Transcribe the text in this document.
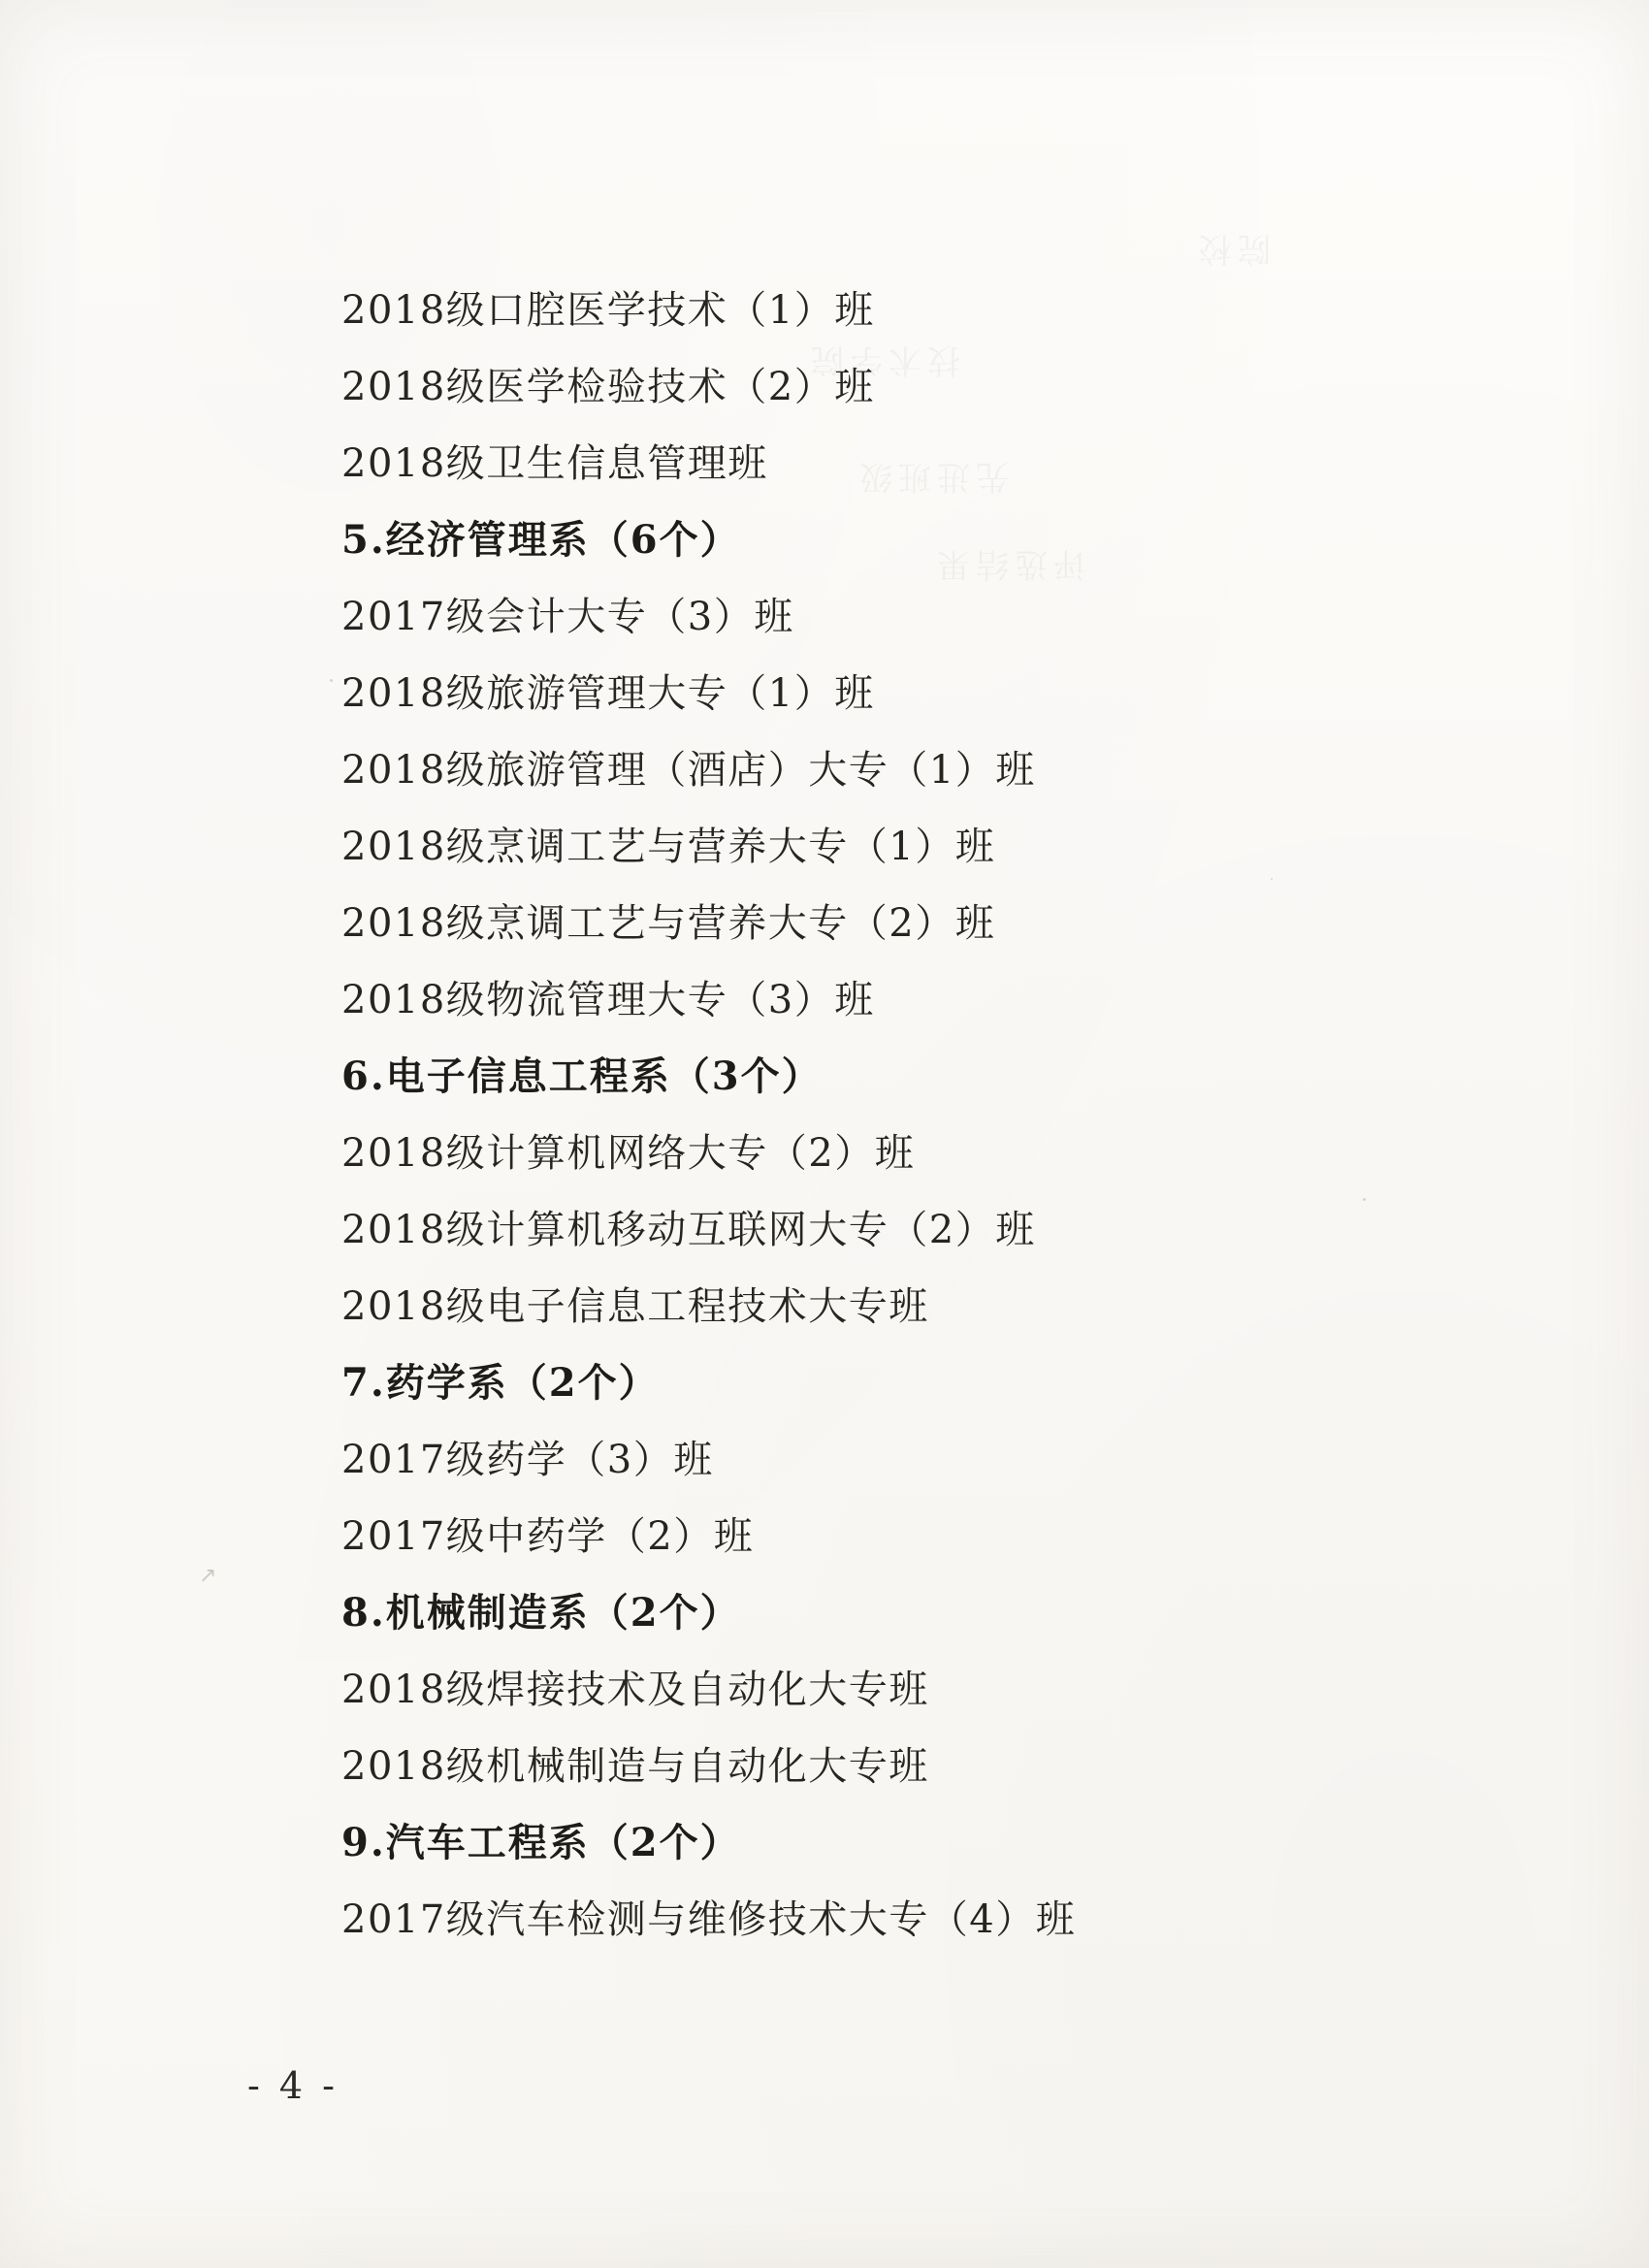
院校
技术学院
先进班级
评选结果
↗
2018级口腔医学技术（1）班
2018级医学检验技术（2）班
2018级卫生信息管理班
5.经济管理系（6个）
2017级会计大专（3）班
2018级旅游管理大专（1）班
2018级旅游管理（酒店）大专（1）班
2018级烹调工艺与营养大专（1）班
2018级烹调工艺与营养大专（2）班
2018级物流管理大专（3）班
6.电子信息工程系（3个）
2018级计算机网络大专（2）班
2018级计算机移动互联网大专（2）班
2018级电子信息工程技术大专班
7.药学系（2个）
2017级药学（3）班
2017级中药学（2）班
8.机械制造系（2个）
2018级焊接技术及自动化大专班
2018级机械制造与自动化大专班
9.汽车工程系（2个）
2017级汽车检测与维修技术大专（4）班
- 4 -
